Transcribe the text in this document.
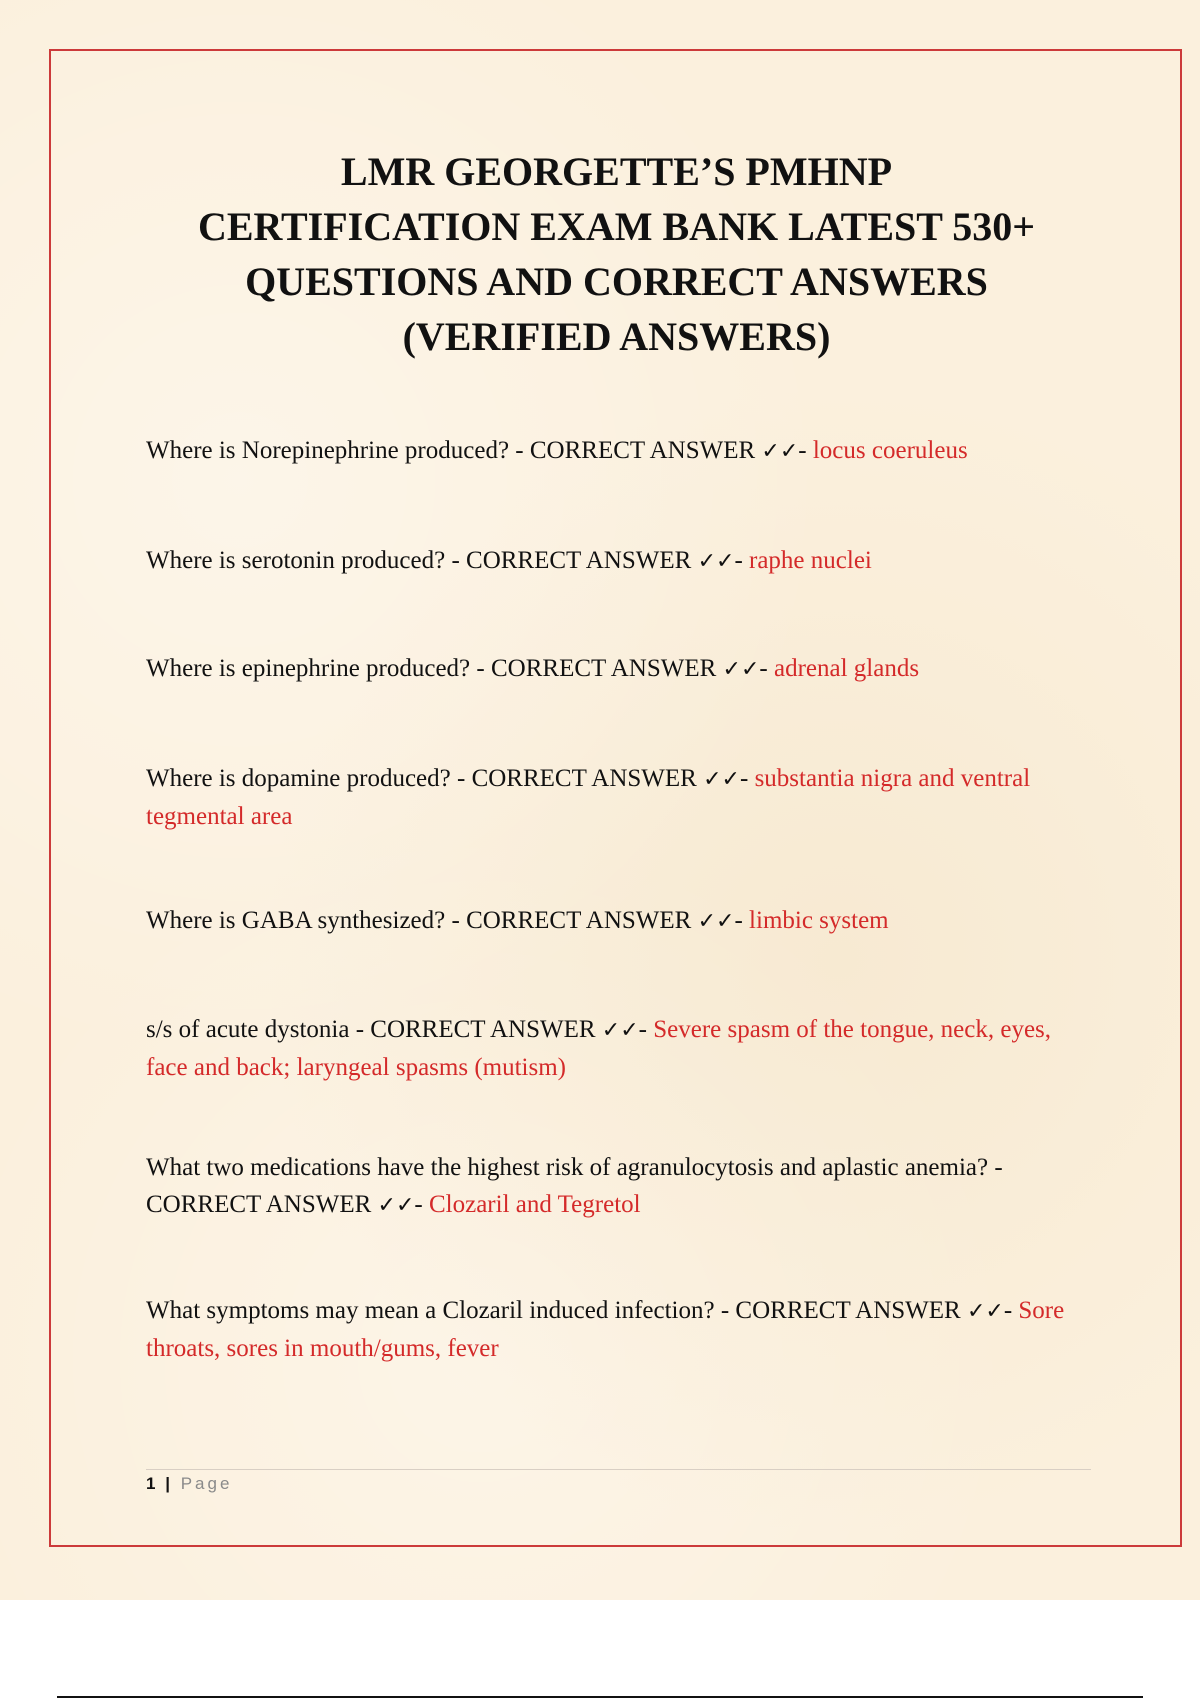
LMR GEORGETTE’S PMHNP
CERTIFICATION EXAM BANK LATEST 530+
QUESTIONS AND CORRECT ANSWERS
(VERIFIED ANSWERS)

Where is Norepinephrine produced? - CORRECT ANSWER ✓✓- locus coeruleus

Where is serotonin produced? - CORRECT ANSWER ✓✓- raphe nuclei

Where is epinephrine produced? - CORRECT ANSWER ✓✓- adrenal glands

Where is dopamine produced? - CORRECT ANSWER ✓✓- substantia nigra and ventral tegmental area

Where is GABA synthesized? - CORRECT ANSWER ✓✓- limbic system

s/s of acute dystonia - CORRECT ANSWER ✓✓- Severe spasm of the tongue, neck, eyes, face and back; laryngeal spasms (mutism)

What two medications have the highest risk of agranulocytosis and aplastic anemia? - CORRECT ANSWER ✓✓- Clozaril and Tegretol

What symptoms may mean a Clozaril induced infection? - CORRECT ANSWER ✓✓- Sore throats, sores in mouth/gums, fever

1 | Page
